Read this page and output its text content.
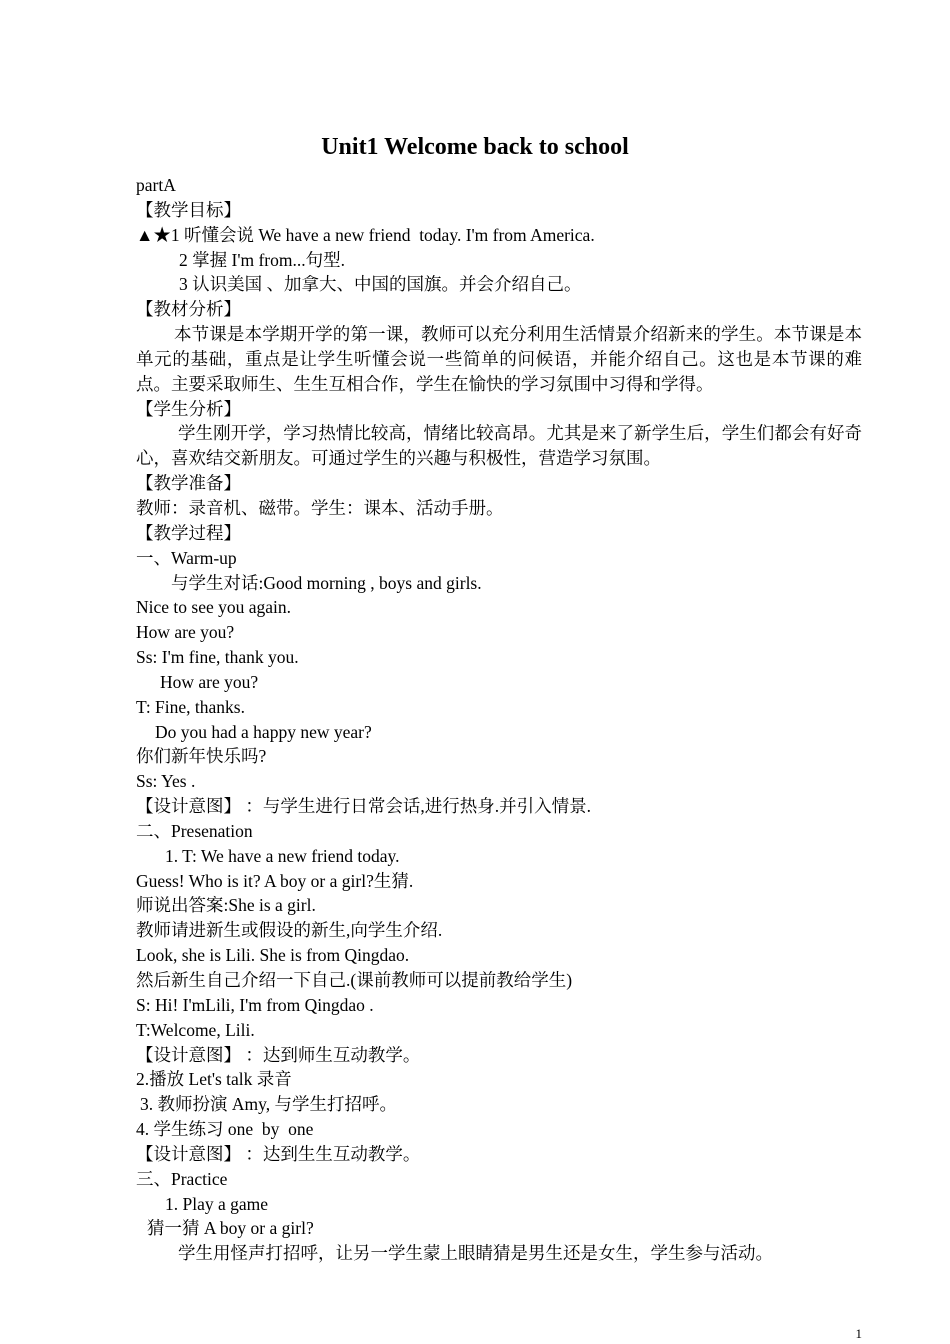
Unit1 Welcome back to school
partA
【教学目标】
▲★1 听懂会说 We have a new friend  today. I'm from America.
2 掌握 I'm from...句型.
3 认识美国 、加拿大、中国的国旗。并会介绍自己。
【教材分析】
本节课是本学期开学的第一课，教师可以充分利用生活情景介绍新来的学生。本节课是本单元的基础，重点是让学生听懂会说一些简单的问候语，并能介绍自己。这也是本节课的难点。主要采取师生、生生互相合作，学生在愉快的学习氛围中习得和学得。
【学生分析】
学生刚开学，学习热情比较高，情绪比较高昂。尤其是来了新学生后，学生们都会有好奇心，喜欢结交新朋友。可通过学生的兴趣与积极性，营造学习氛围。
【教学准备】
教师：录音机、磁带。学生：课本、活动手册。
【教学过程】
一、Warm-up
与学生对话:Good morning , boys and girls.
Nice to see you again.
How are you?
Ss: I'm fine, thank you.
How are you?
T: Fine, thanks.
Do you had a happy new year?
你们新年快乐吗?
Ss: Yes .
【设计意图】 ：与学生进行日常会话,进行热身.并引入情景.
二、Presenation
1. T: We have a new friend today.
Guess! Who is it? A boy or a girl?生猜.
师说出答案:She is a girl.
教师请进新生或假设的新生,向学生介绍.
Look, she is Lili. She is from Qingdao.
然后新生自己介绍一下自己.(课前教师可以提前教给学生)
S: Hi! I'mLili, I'm from Qingdao .
T:Welcome, Lili.
【设计意图】 ：达到师生互动教学。
2.播放 Let's talk 录音
3. 教师扮演 Amy, 与学生打招呼。
4. 学生练习 one  by  one
【设计意图】 ：达到生生互动教学。
三、Practice
1. Play a game
猜一猜 A boy or a girl?
学生用怪声打招呼，让另一学生蒙上眼睛猜是男生还是女生，学生参与活动。
1
